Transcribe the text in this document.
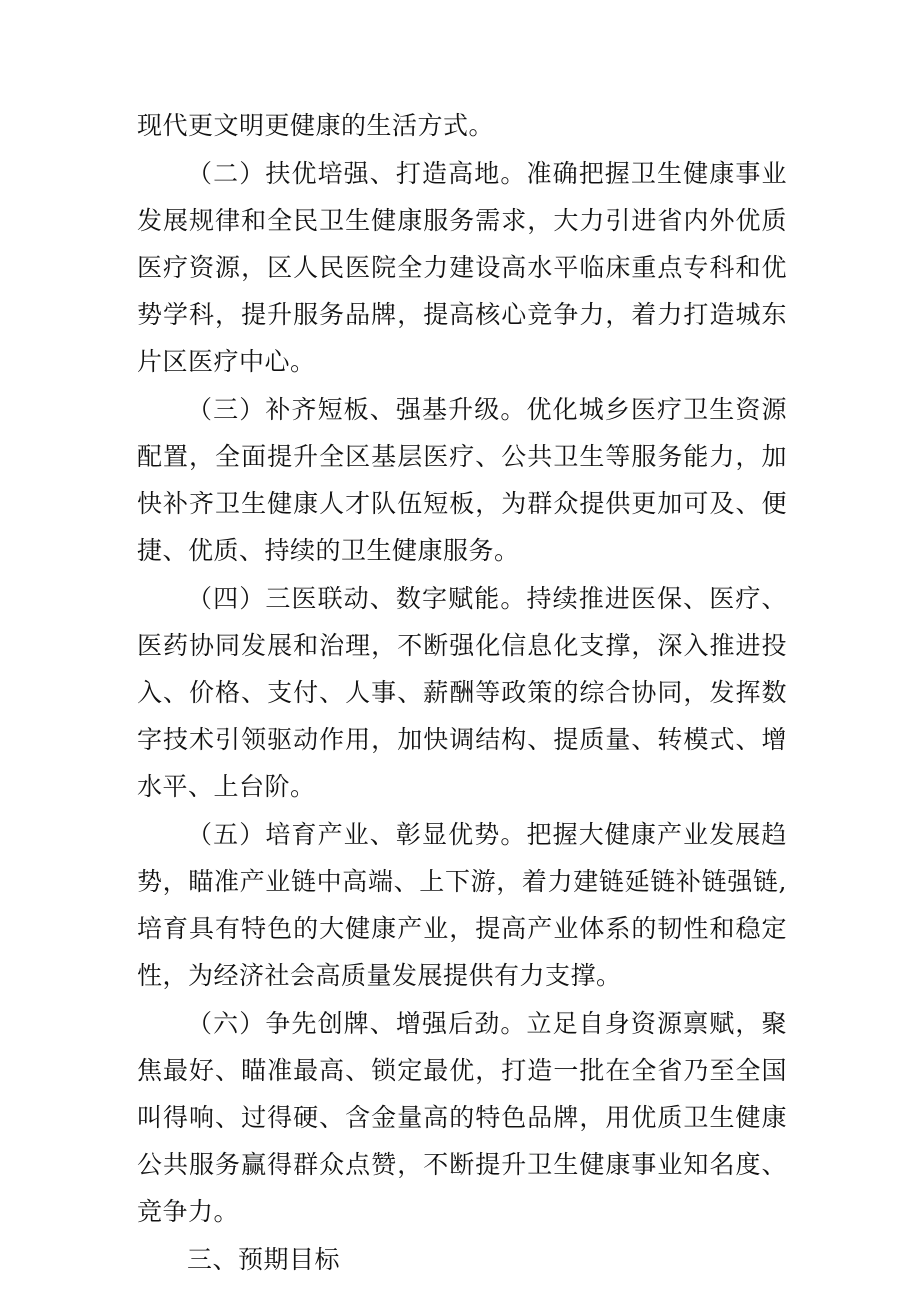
现代更文明更健康的生活方式。

（二）扶优培强、打造高地。准确把握卫生健康事业发展规律和全民卫生健康服务需求，大力引进省内外优质医疗资源，区人民医院全力建设高水平临床重点专科和优势学科，提升服务品牌，提高核心竞争力，着力打造城东片区医疗中心。

（三）补齐短板、强基升级。优化城乡医疗卫生资源配置，全面提升全区基层医疗、公共卫生等服务能力，加快补齐卫生健康人才队伍短板，为群众提供更加可及、便捷、优质、持续的卫生健康服务。

（四）三医联动、数字赋能。持续推进医保、医疗、医药协同发展和治理，不断强化信息化支撑，深入推进投入、价格、支付、人事、薪酬等政策的综合协同，发挥数字技术引领驱动作用，加快调结构、提质量、转模式、增水平、上台阶。

（五）培育产业、彰显优势。把握大健康产业发展趋势，瞄准产业链中高端、上下游，着力建链延链补链强链,培育具有特色的大健康产业，提高产业体系的韧性和稳定性，为经济社会高质量发展提供有力支撑。

（六）争先创牌、增强后劲。立足自身资源禀赋，聚焦最好、瞄准最高、锁定最优，打造一批在全省乃至全国叫得响、过得硬、含金量高的特色品牌，用优质卫生健康公共服务赢得群众点赞，不断提升卫生健康事业知名度、竞争力。

三、预期目标
